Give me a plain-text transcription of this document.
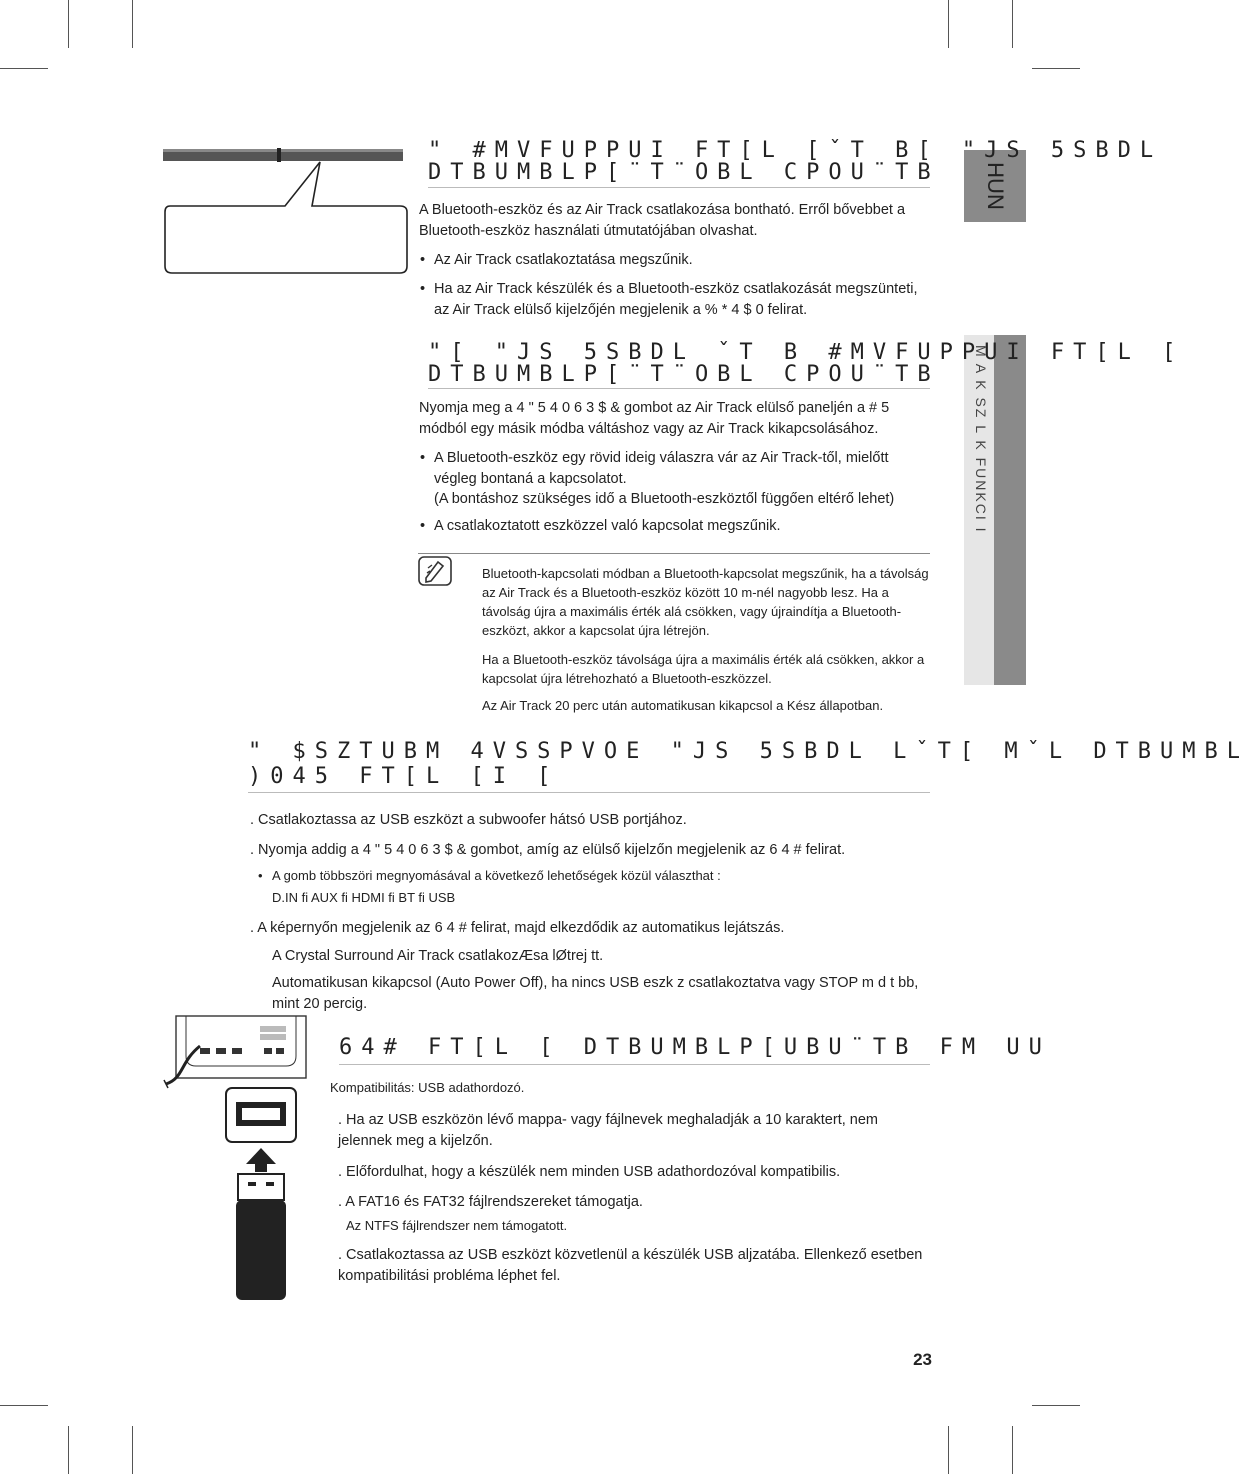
HUN
M A K SZ L K FUNKCI I
" #MVFUPPUI FT[L [ˇT B[ "JS 5SBDL
DTBUMBLP[¨T¨OBL CPOU¨TB
A Bluetooth-eszköz és az Air Track csatlakozása bontható. Erről bővebbet a Bluetooth-eszköz használati útmutatójában olvashat.
• Az Air Track csatlakoztatása megszűnik.
• Ha az Air Track készülék és a Bluetooth-eszköz csatlakozását megszünteti, az Air Track elülső kijelzőjén megjelenik a % * 4 $ 0 felirat.
"[ "JS 5SBDL ˇT B #MVFUPPUI FT[L [
DTBUMBLP[¨T¨OBL CPOU¨TB
Nyomja meg a 4 " 5 4 0 6 3 $ & gombot az Air Track elülső paneljén a # 5 módból egy másik módba váltáshoz vagy az Air Track kikapcsolásához.
• A Bluetooth-eszköz egy rövid ideig válaszra vár az Air Track-től, mielőtt végleg bontaná a kapcsolatot.
(A bontáshoz szükséges idő a Bluetooth-eszköztől függően eltérő lehet)
• A csatlakoztatott eszközzel való kapcsolat megszűnik.
Bluetooth-kapcsolati módban a Bluetooth-kapcsolat megszűnik, ha a távolság az Air Track és a Bluetooth-eszköz között 10 m-nél nagyobb lesz. Ha a távolság újra a maximális érték alá csökken, vagy újraindítja a Bluetooth-eszközt, akkor a kapcsolat újra létrejön.
Ha a Bluetooth-eszköz távolsága újra a maximális érték alá csökken, akkor a kapcsolat újra létrehozható a Bluetooth-eszközzel.
Az Air Track 20 perc után automatikusan kikapcsol a Kész állapotban.
" $SZTUBM 4VSSPVOE "JS 5SBDL LˇT[ MˇL DTBUMBL
)045 FT[L [I [
. Csatlakoztassa az USB eszközt a subwoofer hátsó USB portjához.
. Nyomja addig a 4 " 5 4 0 6 3 $ & gombot, amíg az elülső kijelzőn megjelenik az 6 4 # felirat.
• A gomb többszöri megnyomásával a következő lehetőségek közül választhat :
D.IN ﬁ AUX ﬁ HDMI ﬁ BT ﬁ USB
. A képernyőn megjelenik az 6 4 # felirat, majd elkezdődik az automatikus lejátszás.
A Crystal Surround Air Track csatlakozÆsa lØtrej tt.
Automatikusan kikapcsol (Auto Power Off), ha nincs USB eszk z csatlakoztatva vagy STOP m d t bb, mint 20 percig.
64# FT[L [ DTBUMBLP[UBU¨TB FM UU
Kompatibilitás: USB adathordozó.
. Ha az USB eszközön lévő mappa- vagy fájlnevek meghaladják a 10 karaktert, nem jelennek meg a kijelzőn.
. Előfordulhat, hogy a készülék nem minden USB adathordozóval kompatibilis.
. A FAT16 és FAT32 fájlrendszereket támogatja.
Az NTFS fájlrendszer nem támogatott.
. Csatlakoztassa az USB eszközt közvetlenül a készülék USB aljzatába. Ellenkező esetben kompatibilitási probléma léphet fel.
23
